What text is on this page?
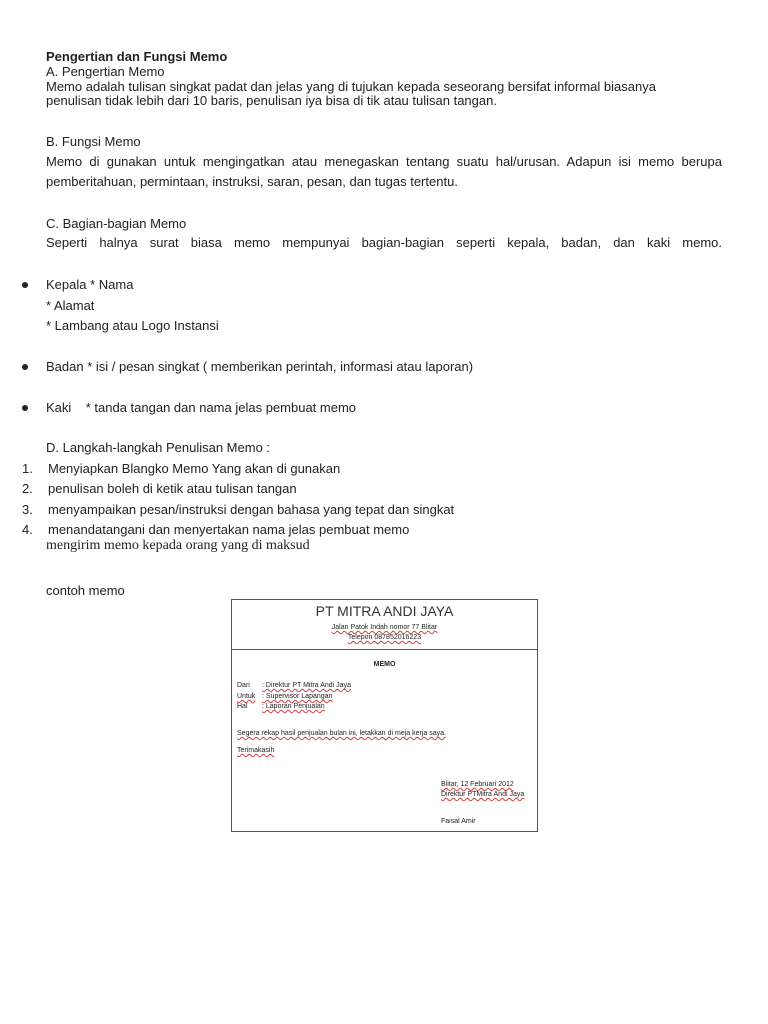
Pengertian dan Fungsi Memo
A. Pengertian Memo
Memo adalah tulisan singkat padat dan jelas yang di tujukan kepada seseorang bersifat informal biasanya
penulisan tidak lebih dari 10 baris, penulisan iya bisa di tik atau tulisan tangan.
B. Fungsi Memo
Memo di gunakan untuk mengingatkan atau menegaskan tentang suatu hal/urusan. Adapun isi memo berupa pemberitahuan, permintaan, instruksi, saran, pesan, dan tugas tertentu.
C. Bagian-bagian Memo
Seperti halnya surat biasa memo mempunyai bagian-bagian seperti kepala, badan, dan kaki memo.
Kepala * Nama
* Alamat
* Lambang atau Logo Instansi
Badan * isi / pesan singkat ( memberikan perintah, informasi atau laporan)
Kaki    * tanda tangan dan nama jelas pembuat memo
D. Langkah-langkah Penulisan Memo :
1. Menyiapkan Blangko Memo Yang akan di gunakan
2. penulisan boleh di ketik atau tulisan tangan
3. menyampaikan pesan/instruksi dengan bahasa yang tepat dan singkat
4. menandatangani dan menyertakan nama jelas pembuat memo
mengirim memo kepada orang yang di maksud
contoh memo
PT MITRA ANDI JAYA
Jalan Patok Indah nomor 77 Blitar
Telepon 087852016223
MEMO
Dari : Direktur PT Mitra Andi Jaya
Untuk : Supervisor Lapangan
Hal : Laporan Penjualan
Segera rekap hasil penjualan bulan ini, letakkan di meja kerja saya.
Terimakasih
Blitar, 12 Februari 2012
Direktur PTMitra Andi Jaya
Faisal Amir
